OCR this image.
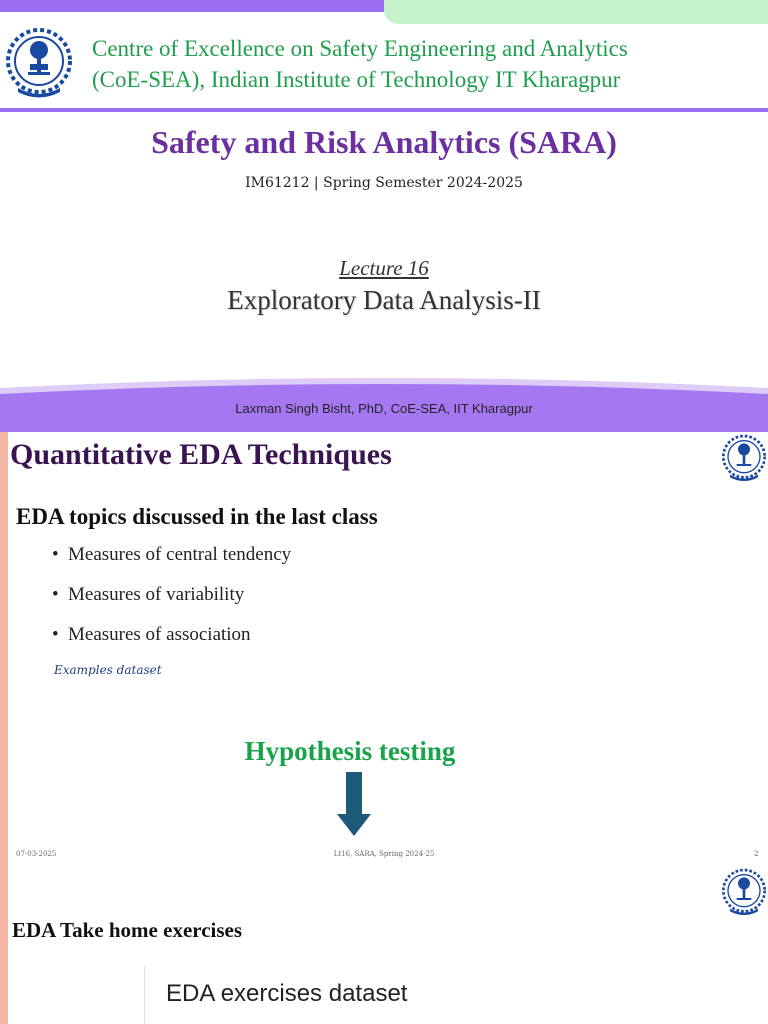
Centre of Excellence on Safety Engineering and Analytics
(CoE-SEA), Indian Institute of Technology IT Kharagpur
Safety and Risk Analytics (SARA)
IM61212 | Spring Semester 2024-2025
Lecture 16
Exploratory Data Analysis-II
Laxman Singh Bisht, PhD, CoE-SEA, IIT Kharagpur
Quantitative EDA Techniques
EDA topics discussed in the last class
• Measures of central tendency
• Measures of variability
• Measures of association
Examples dataset
Hypothesis testing
07-03-2025	Lt16, SARA, Spring 2024-25	2
EDA Take home exercises
EDA exercises dataset
